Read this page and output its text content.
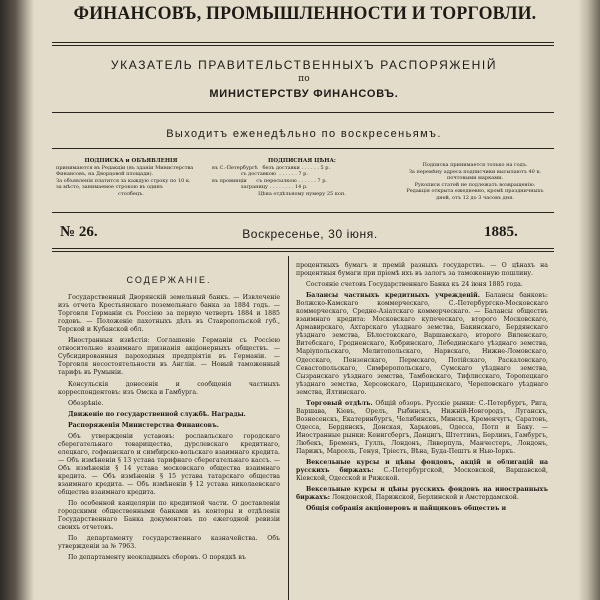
ФИНАНСОВЪ, ПРОМЫШЛЕННОСТИ И ТОРГОВЛИ.
УКАЗАТЕЛЬ ПРАВИТЕЛЬСТВЕННЫХЪ РАСПОРЯЖЕНІЙ
по
МИНИСТЕРСТВУ ФИНАНСОВЪ.
Выходитъ еженедѣльно по воскресеньямъ.
ПОДПИСКА и ОБЪЯВЛЕНІЯ
принимаются въ Редакціи (въ зданіи Министерства
Финансовъ, на Дворцовой площади).
За объявленія платится за каждую строку по 10 к.
за мѣсто, занимаемое строкою въ одинъ
столбецъ.
ПОДПИСНАЯ ЦѢНА:
въ С.-Петербургѣ   безъ доставки . . . . . . 5 р.
съ доставкою  . . . . . . 7 р.
въ провинціи      съ пересылкою . . . . . . 7 р.
заграницу . . . . . . . . 14 р.
Цѣна отдѣльному нумеру 25 коп.
Подписка принимается только на годъ.
За перемѣну адреса подписчики высылаютъ 40 к.
почтовыми марками.
Рукописи статей не подлежатъ возвращенію.
Редакція открыта ежедневно, кромѣ праздничныхъ
дней, отъ 12 до 3 часовъ дня.
№ 26.	Воскресенье, 30 іюня.	1885.
СОДЕРЖАНІЕ.

Государственный Дворянскій земельный банкъ. — Извлеченіе изъ отчета Крестьянскаго поземельнаго банка за 1884 годъ. — Торговля Германіи съ Россіею за первую четверть 1884 и 1885 годовъ. — Положеніе пахотныхъ дѣлъ въ Ставропольской губ., Терской и Кубанской обл.

Иностранныя извѣстія: Соглашеніе Германіи съ Россіею относительно взаимнаго признанія акціонерныхъ обществъ. — Субсидированныя пароходныя предпріятія въ Германіи. — Торговля несостоятельности въ Англіи. — Новый таможенный тарифъ въ Румыніи.

Консульскія донесенія и сообщенія частныхъ корреспондентовъ: изъ Омска и Гамбурга.

Обозрѣніе.

Движеніе по государственной службѣ. Награды.

Распоряженія Министерства Финансовъ.

Объ утвержденіи уставовъ: рославльскаго городскаго сберегательнаго товарищества, дурслевскаго кредитнаго, елецкаго, гофманскаго и симбирско-вольскаго взаимнаго кредита. — Объ измѣненіи § 13 устава тарифнаго сберегательнаго кассъ. — Объ измѣненіи § 14 устава московскаго общества взаимнаго кредита. — Объ измѣненіи § 15 устава татарскаго общества взаимнаго кредита. — Объ измѣненіи § 12 устава николаевскаго общества взаимнаго кредита.

По особенной канцеляріи по кредитной части. О доставленіи городскими общественными банками въ конторы и отдѣленія Государственнаго Банка документовъ по ежегодной ревизіи своихъ отчетовъ.

По департаменту государственнаго казначейства. Объ утвержденіи за № 7963.

По департаменту неокладныхъ сборовъ. О порядкѣ въ

процентныхъ бумагъ и премій разныхъ государствъ. — О цѣнахъ на процентныя бумаги при пріемѣ ихъ въ залогъ за таможенную пошлину.

Состояніе счетовъ Государственнаго Банка къ 24 іюня 1885 года.

Балансы частныхъ кредитныхъ учрежденій. Балансы банковъ: Волжско-Камскаго коммерческаго, С.-Петербургско-Московскаго коммерческаго, Средне-Азіатскаго коммерческаго. — Балансы обществъ взаимнаго кредита: Московскаго купеческаго, второго Московскаго, Армавирскаго, Ахтарскаго уѣзднаго земства, Бакинскаго, Бердянскаго уѣзднаго земства, Бѣлостокскаго, Варшавскаго, второго Виленскаго, Витебскаго, Гродненскаго, Кобринскаго, Лебединскаго уѣзднаго земства, Маріупольскаго, Мелитопольскаго, Нарвскаго, Нижне-Ломовскаго, Одесскаго, Пензенскаго, Пермскаго, Потійскаго, Раскаловскаго, Севастопольскаго, Симферопольскаго, Сумскаго уѣзднаго земства, Сызранскаго уѣзднаго земства, Тамбовскаго, Тифлисскаго, Торопецкаго уѣзднаго земства, Херсонскаго, Царицынскаго, Череповскаго уѣзднаго земства, Ялтинскаго.

Торговый отдѣлъ. Общій обзоръ. Русскіе рынки: С.-Петербургъ, Рига, Варшава, Кіевъ, Орелъ, Рыбинскъ, Нижній-Новгородъ, Луганскъ, Вознесенскъ, Екатеринбургъ, Челябинскъ, Минскъ, Кременчугъ, Саратовъ, Одесса, Бердянскъ, Донская, Харьковъ, Одесса, Потп и Баку. — Иностранные рынки: Кенигсбергъ, Данцигъ, Штеттинъ, Берлинъ, Гамбургъ, Любекъ, Бременъ, Гулль, Лондонъ, Ливерпуль, Манчестеръ, Лондонъ, Парижъ, Марсель, Генуя, Тріестъ, Вѣна, Буда-Пештъ и Нью-Іоркъ.

Вексельные курсы и цѣны фондовъ, акцій и облигацій на русскихъ биржахъ: С.-Петербургской, Московской, Варшавской, Кіевской, Одесской и Рижской.

Вексельные курсы и цѣны русскихъ фондовъ на иностранныхъ биржахъ: Лондонской, Парижской, Берлинской и Амстердамской.

Общія собранія акціонеровъ и пайщиковъ обществъ и
